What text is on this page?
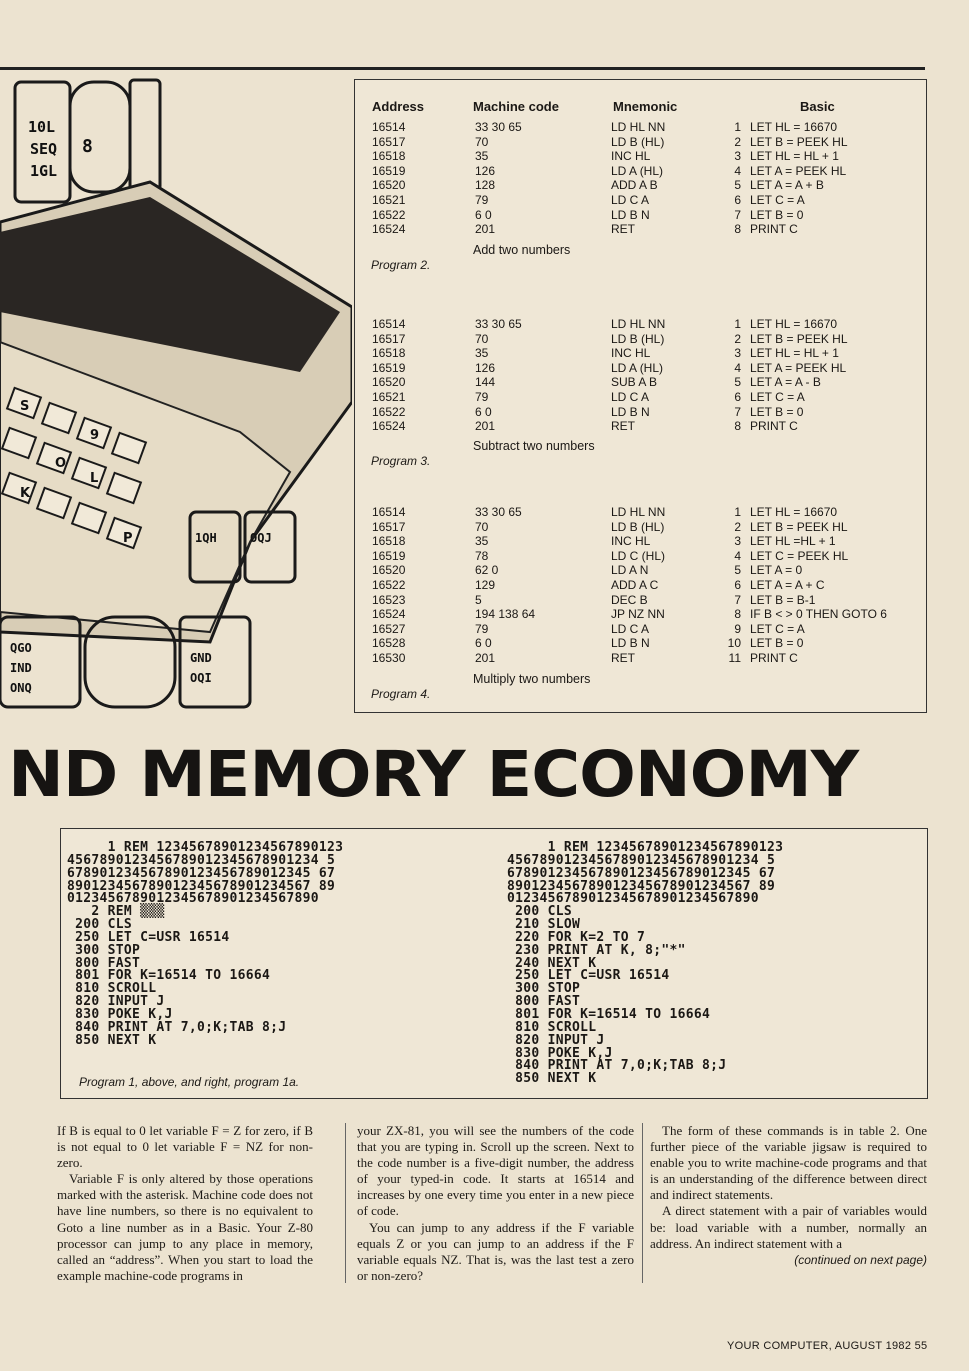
10L
SEQ
1GL
8
S
9
O
L
K
P	1QH	OQJ
QGO
IND
ONQ
GND
OQI
Address	Machine code	Mnemonic	Basic
16514	33 30 65	LD HL NN	1 LET HL = 16670
16517	70	LD B (HL)	2 LET B = PEEK HL
16518	35	INC HL	3 LET HL = HL + 1
16519	126	LD A (HL)	4 LET A = PEEK HL
16520	128	ADD A B	5 LET A = A + B
16521	79	LD C A	6 LET C = A
16522	6 0	LD B N	7 LET B = 0
16524	201	RET	8 PRINT C
Add two numbers
Program 2.
16514	33 30 65	LD HL NN	1 LET HL = 16670
16517	70	LD B (HL)	2 LET B = PEEK HL
16518	35	INC HL	3 LET HL = HL + 1
16519	126	LD A (HL)	4 LET A = PEEK HL
16520	144	SUB A B	5 LET A = A - B
16521	79	LD C A	6 LET C = A
16522	6 0	LD B N	7 LET B = 0
16524	201	RET	8 PRINT C
Subtract two numbers
Program 3.
16514	33 30 65	LD HL NN	1 LET HL = 16670
16517	70	LD B (HL)	2 LET B = PEEK HL
16518	35	INC HL	3 LET HL =HL + 1
16519	78	LD C (HL)	4 LET C = PEEK HL
16520	62 0	LD A N	5 LET A = 0
16522	129	ADD A C	6 LET A = A + C
16523	5	DEC B	7 LET B = B-1
16524	194 138 64	JP NZ NN	8 IF B < > 0 THEN GOTO 6
16527	79	LD C A	9 LET C = A
16528	6 0	LD B N	10 LET B = 0
16530	201	RET	11 PRINT C
Multiply two numbers
Program 4.
ND MEMORY ECONOMY
1 REM 12345678901234567890123
4567890123456789012345678901234 5
678901234567890123456789012345 67
890123456789012345678901234567 89
0123456789012345678901234567890
2 REM ▒▒▒
200 CLS
250 LET C=USR 16514
300 STOP
800 FAST
801 FOR K=16514 TO 16664
810 SCROLL
820 INPUT J
830 POKE K,J
840 PRINT AT 7,0;K;TAB 8;J
850 NEXT K
1 REM 12345678901234567890123
4567890123456789012345678901234 5
678901234567890123456789012345 67
890123456789012345678901234567 89
0123456789012345678901234567890
200 CLS
210 SLOW
220 FOR K=2 TO 7
230 PRINT AT K, 8;"*"
240 NEXT K
250 LET C=USR 16514
300 STOP
800 FAST
801 FOR K=16514 TO 16664
810 SCROLL
820 INPUT J
830 POKE K,J
840 PRINT AT 7,0;K;TAB 8;J
850 NEXT K
Program 1, above, and right, program 1a.

If B is equal to 0 let variable F = Z for zero, if B is not equal to 0 let variable F = NZ for non-zero.

Variable F is only altered by those operations marked with the asterisk. Machine code does not have line numbers, so there is no equivalent to Goto a line number as in a Basic. Your Z-80 processor can jump to any place in memory, called an “address”. When you start to load the example machine-code programs in

your ZX-81, you will see the numbers of the code that you are typing in. Scroll up the screen. Next to the code number is a five-digit number, the address of your typed-in code. It starts at 16514 and increases by one every time you enter in a new piece of code.

You can jump to any address if the F variable equals Z or you can jump to an address if the F variable equals NZ. That is, was the last test a zero or non-zero?

The form of these commands is in table 2. One further piece of the variable jigsaw is required to enable you to write machine-code programs and that is an understanding of the difference between direct and indirect statements.

A direct statement with a pair of variables would be: load variable with a number, normally an address. An indirect statement with a

(continued on next page)

YOUR COMPUTER, AUGUST 1982 55
